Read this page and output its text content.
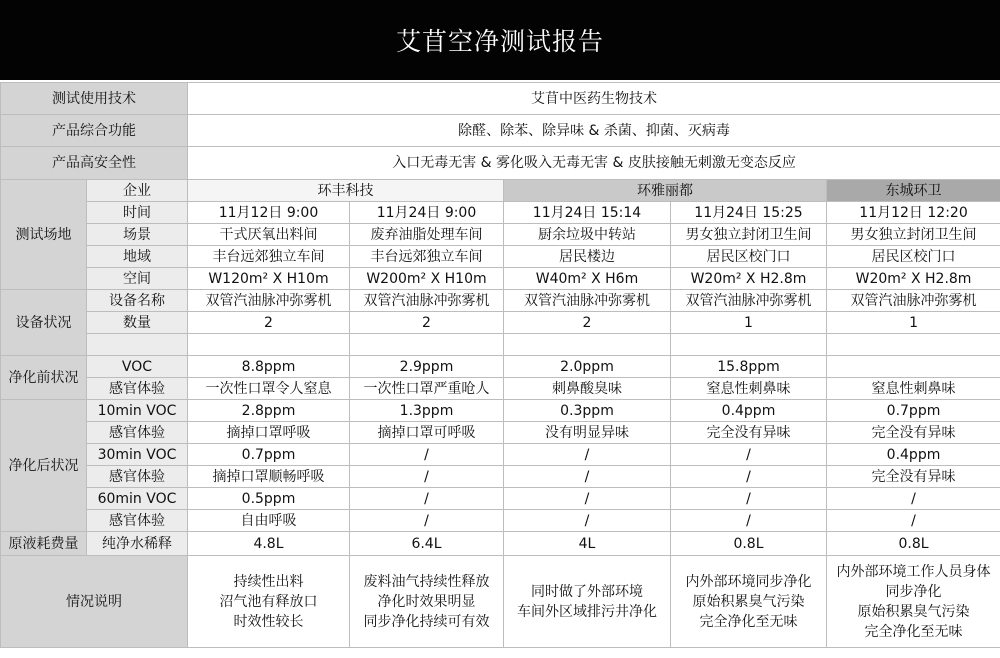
艾苜空净测试报告
测试使用技术		艾苜中医药生物技术				
产品综合功能		除醛、除苯、除异味 & 杀菌、抑菌、灭病毒				
产品高安全性		入口无毒无害 & 雾化吸入无毒无害 & 皮肤接触无刺激无变态反应				
测试场地	企业	环丰科技		环雅丽都		东城环卫
	时间	11月12日 9:00	11月24日 9:00	11月24日 15:14	11月24日 15:25	11月12日 12:20
	场景	干式厌氧出料间	废弃油脂处理车间	厨余垃圾中转站	男女独立封闭卫生间	男女独立封闭卫生间
	地域	丰台远郊独立车间	丰台远郊独立车间	居民楼边	居民区校门口	居民区校门口
	空间	W120m² X H10m	W200m² X H10m	W40m² X H6m	W20m² X H2.8m	W20m² X H2.8m
设备状况	设备名称	双管汽油脉冲弥雾机	双管汽油脉冲弥雾机	双管汽油脉冲弥雾机	双管汽油脉冲弥雾机	双管汽油脉冲弥雾机
	数量	2	2	2	1	1

净化前状况	VOC	8.8ppm	2.9ppm	2.0ppm	15.8ppm	
	感官体验	一次性口罩令人窒息	一次性口罩严重呛人	刺鼻酸臭味	窒息性刺鼻味	窒息性刺鼻味
净化后状况	10min VOC	2.8ppm	1.3ppm	0.3ppm	0.4ppm	0.7ppm
	感官体验	摘掉口罩呼吸	摘掉口罩可呼吸	没有明显异味	完全没有异味	完全没有异味
	30min VOC	0.7ppm	/	/	/	0.4ppm
	感官体验	摘掉口罩顺畅呼吸	/	/	/	完全没有异味
	60min VOC	0.5ppm	/	/	/	/
	感官体验	自由呼吸	/	/	/	/
原液耗费量	纯净水稀释	4.8L	6.4L	4L	0.8L	0.8L
情况说明		持续性出料
沼气池有释放口
时效性较长	废料油气持续性释放
净化时效果明显
同步净化持续可有效	同时做了外部环境
车间外区域排污井净化	内外部环境同步净化
原始积累臭气污染
完全净化至无味	内外部环境工作人员身体
同步净化
原始积累臭气污染
完全净化至无味
